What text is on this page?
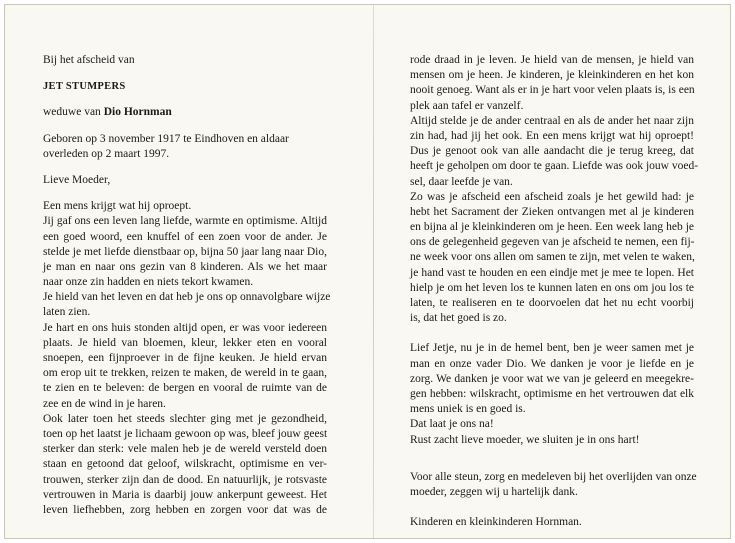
Bij het afscheid van
JET STUMPERS
weduwe van Dio Hornman
Geboren op 3 november 1917 te Eindhoven en aldaar
overleden op 2 maart 1997.
Lieve Moeder,
Een mens krijgt wat hij oproept.
Jij gaf ons een leven lang liefde, warmte en optimisme. Altijd
een goed woord, een knuffel of een zoen voor de ander. Je
stelde je met liefde dienstbaar op, bijna 50 jaar lang naar Dio,
je man en naar ons gezin van 8 kinderen. Als we het maar
naar onze zin hadden en niets tekort kwamen.
Je hield van het leven en dat heb je ons op onnavolgbare wijze
laten zien.
Je hart en ons huis stonden altijd open, er was voor iedereen
plaats. Je hield van bloemen, kleur, lekker eten en vooral
snoepen, een fijnproever in de fijne keuken. Je hield ervan
om erop uit te trekken, reizen te maken, de wereld in te gaan,
te zien en te beleven: de bergen en vooral de ruimte van de
zee en de wind in je haren.
Ook later toen het steeds slechter ging met je gezondheid,
toen op het laatst je lichaam gewoon op was, bleef jouw geest
sterker dan sterk: vele malen heb je de wereld versteld doen
staan en getoond dat geloof, wilskracht, optimisme en ver-
trouwen, sterker zijn dan de dood. En natuurlijk, je rotsvaste
vertrouwen in Maria is daarbij jouw ankerpunt geweest. Het
leven liefhebben, zorg hebben en zorgen voor dat was de
rode draad in je leven. Je hield van de mensen, je hield van
mensen om je heen. Je kinderen, je kleinkinderen en het kon
nooit genoeg. Want als er in je hart voor velen plaats is, is een
plek aan tafel er vanzelf.
Altijd stelde je de ander centraal en als de ander het naar zijn
zin had, had jij het ook. En een mens krijgt wat hij oproept!
Dus je genoot ook van alle aandacht die je terug kreeg, dat
heeft je geholpen om door te gaan. Liefde was ook jouw voed-
sel, daar leefde je van.
Zo was je afscheid een afscheid zoals je het gewild had: je
hebt het Sacrament der Zieken ontvangen met al je kinderen
en bijna al je kleinkinderen om je heen. Een week lang heb je
ons de gelegenheid gegeven van je afscheid te nemen, een fij-
ne week voor ons allen om samen te zijn, met velen te waken,
je hand vast te houden en een eindje met je mee te lopen. Het
hielp je om het leven los te kunnen laten en ons om jou los te
laten, te realiseren en te doorvoelen dat het nu echt voorbij
is, dat het goed is zo.
Lief Jetje, nu je in de hemel bent, ben je weer samen met je
man en onze vader Dio. We danken je voor je liefde en je
zorg. We danken je voor wat we van je geleerd en meegekre-
gen hebben: wilskracht, optimisme en het vertrouwen dat elk
mens uniek is en goed is.
Dat laat je ons na!
Rust zacht lieve moeder, we sluiten je in ons hart!
Voor alle steun, zorg en medeleven bij het overlijden van onze
moeder, zeggen wij u hartelijk dank.
Kinderen en kleinkinderen Hornman.
